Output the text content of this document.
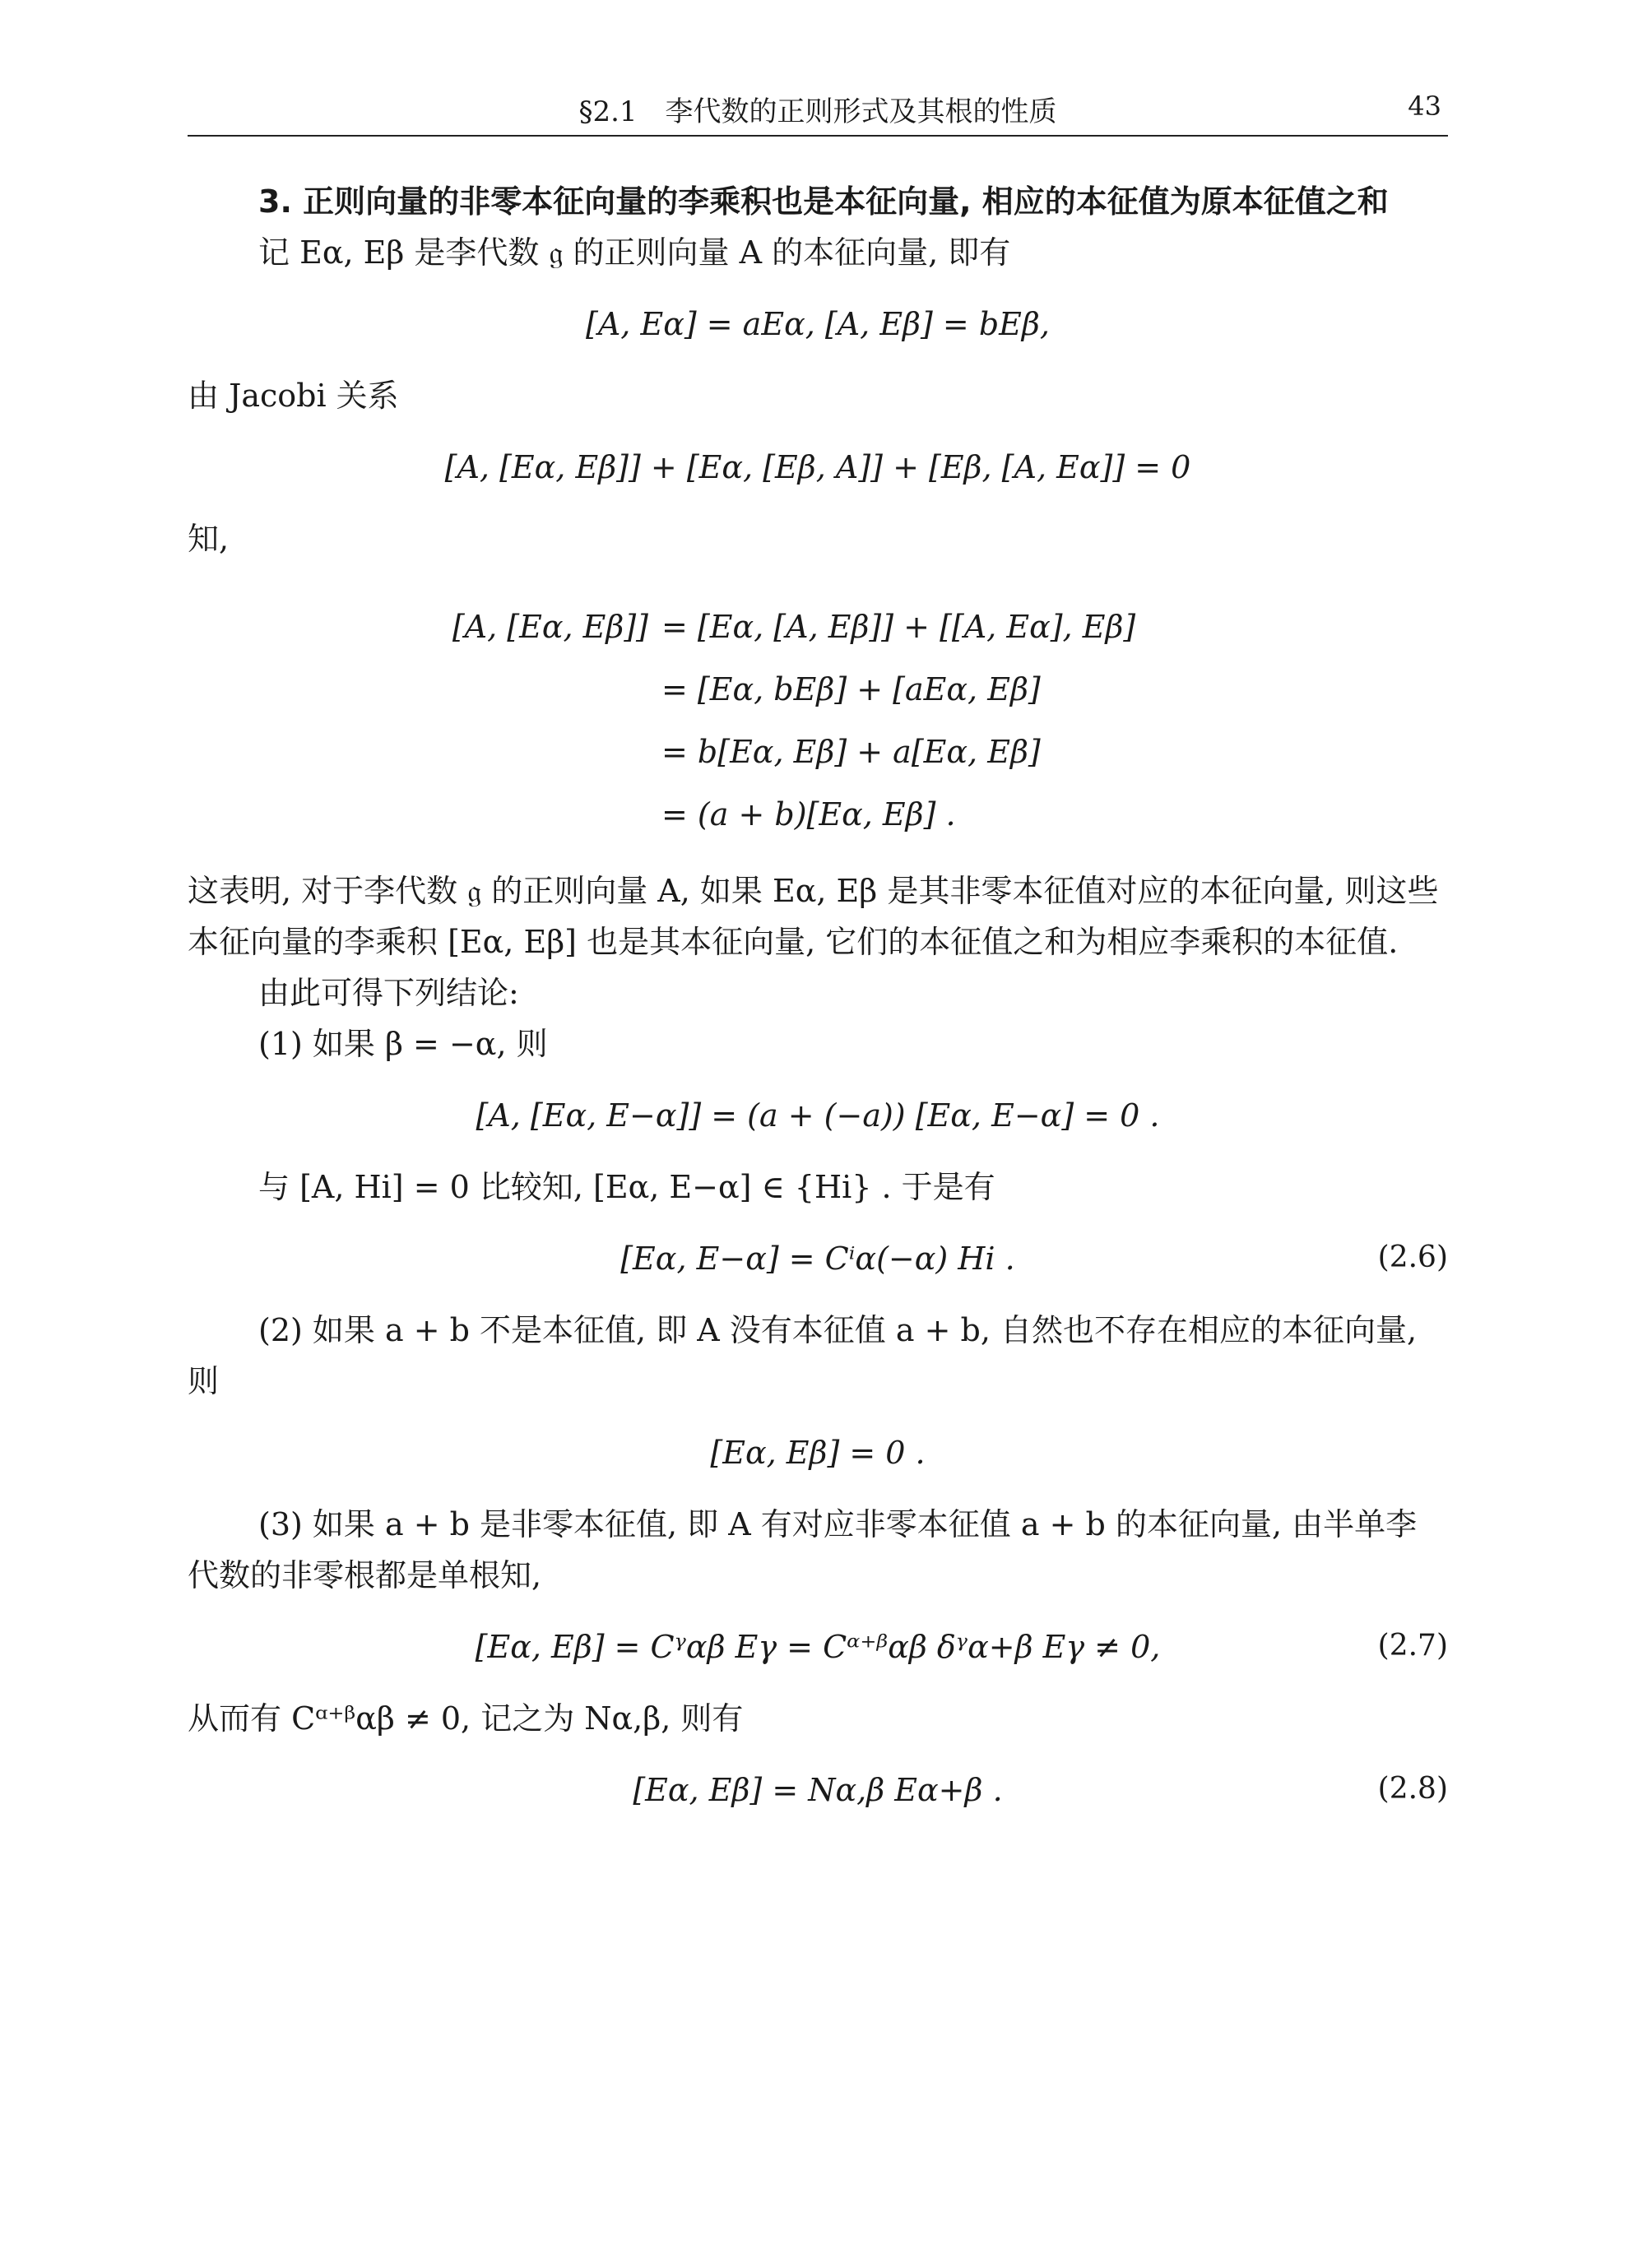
§2.1　李代数的正则形式及其根的性质	43
3. 正则向量的非零本征向量的李乘积也是本征向量, 相应的本征值为原本征值之和

记 Eα, Eβ 是李代数 𝔤 的正则向量 A 的本征向量, 即有

[A, Eα] = aEα, [A, Eβ] = bEβ,

由 Jacobi 关系

[A, [Eα, Eβ]] + [Eα, [Eβ, A]] + [Eβ, [A, Eα]] = 0

知,

[A, [Eα, Eβ]] = [Eα, [A, Eβ]] + [[A, Eα], Eβ]
= [Eα, bEβ] + [aEα, Eβ]
= b[Eα, Eβ] + a[Eα, Eβ]
= (a + b)[Eα, Eβ] .

这表明, 对于李代数 𝔤 的正则向量 A, 如果 Eα, Eβ 是其非零本征值对应的本征向量, 则这些本征向量的李乘积 [Eα, Eβ] 也是其本征向量, 它们的本征值之和为相应李乘积的本征值.

由此可得下列结论:

(1) 如果 β = −α, 则

[A, [Eα, E−α]] = (a + (−a)) [Eα, E−α] = 0 .

与 [A, Hi] = 0 比较知, [Eα, E−α] ∈ {Hi} . 于是有

[Eα, E−α] = Cⁱα(−α) Hi .	(2.6)

(2) 如果 a + b 不是本征值, 即 A 没有本征值 a + b, 自然也不存在相应的本征向量, 则

[Eα, Eβ] = 0 .

(3) 如果 a + b 是非零本征值, 即 A 有对应非零本征值 a + b 的本征向量, 由半单李代数的非零根都是单根知,

[Eα, Eβ] = Cᵞαβ Eγ = Cᵅ⁺ᵝαβ δᵞα+β Eγ ≠ 0,	(2.7)

从而有 Cᵅ⁺ᵝαβ ≠ 0, 记之为 Nα,β, 则有

[Eα, Eβ] = Nα,β Eα+β .	(2.8)
